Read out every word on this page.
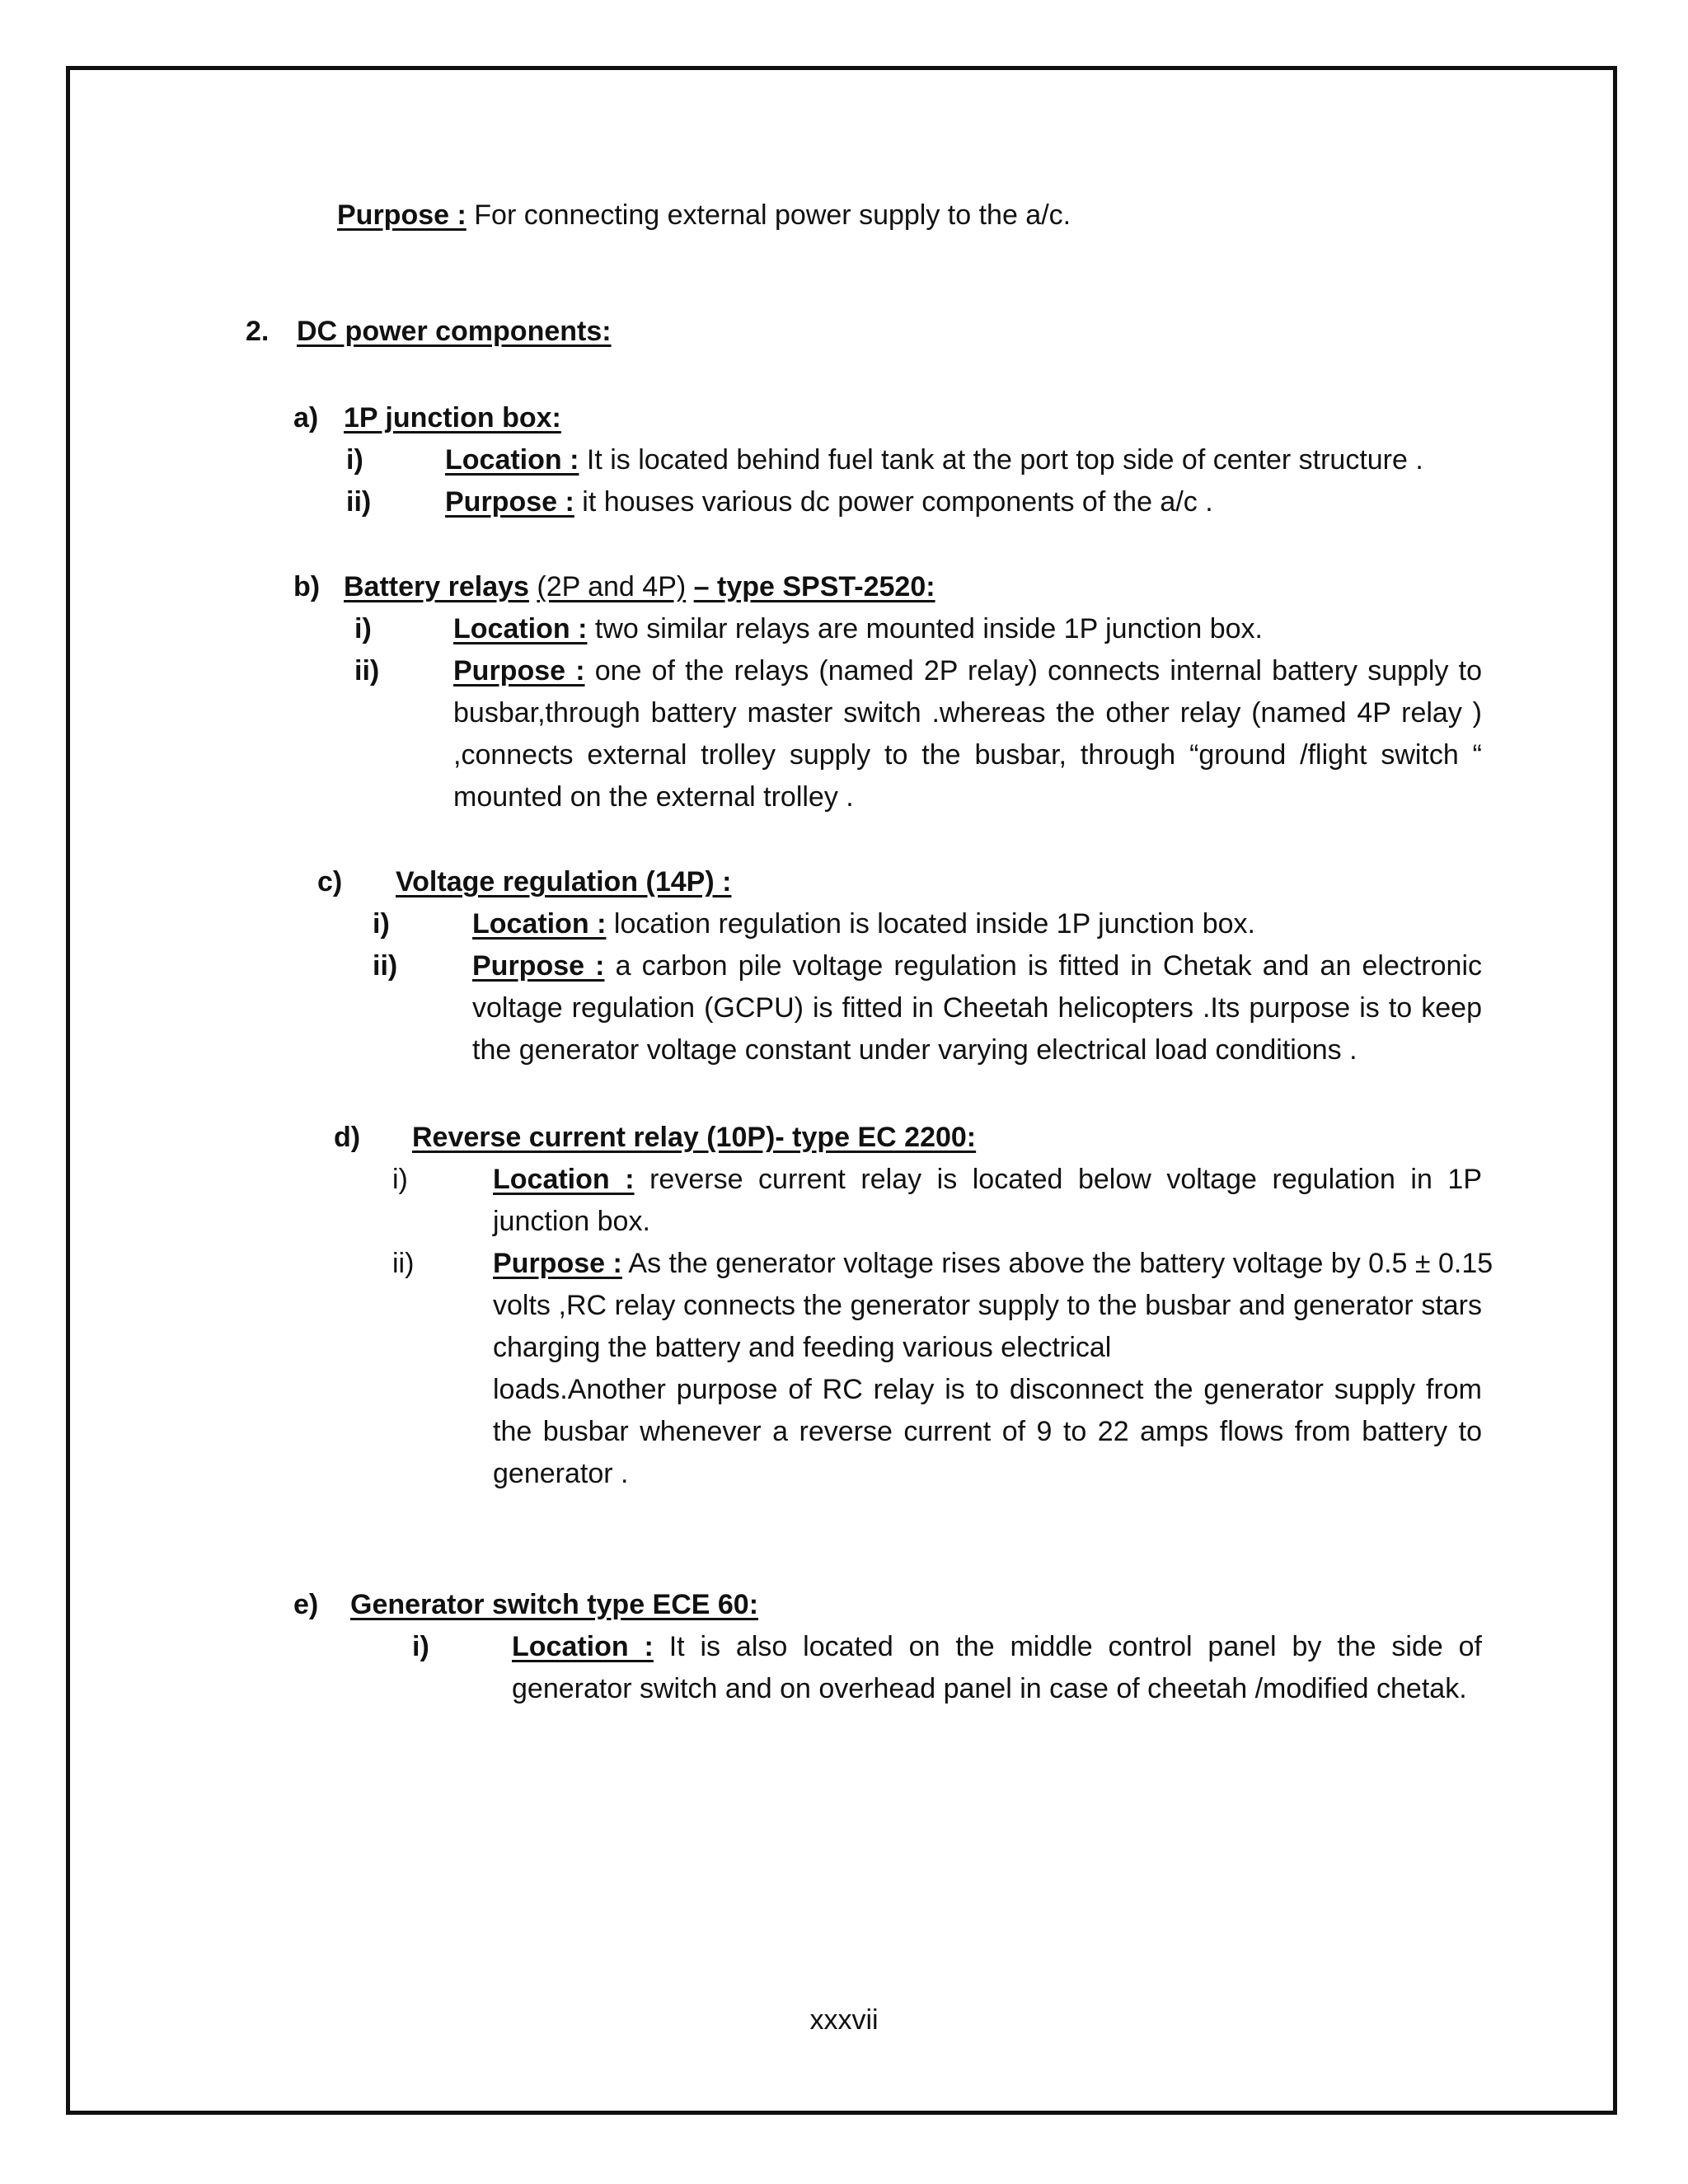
Purpose : For connecting external power supply to the a/c.
2. DC power components:
a) 1P junction box:
i)	Location : It is located behind fuel tank at the port top side of center structure .
ii)	Purpose : it houses various dc power components of the a/c .
b) Battery relays (2P and 4P) – type SPST-2520:
i)	Location : two similar relays are mounted inside 1P junction box.
ii)	Purpose : one of the relays (named 2P relay) connects internal battery supply to
busbar,through battery master switch .whereas the other relay (named 4P relay )
,connects external trolley supply to the busbar, through “ground /flight switch “
mounted on the external trolley .
c) Voltage regulation (14P) :
i)	Location : location regulation is located inside 1P junction box.
ii)	Purpose : a carbon pile voltage regulation is fitted in Chetak and an electronic
voltage regulation (GCPU) is fitted in Cheetah helicopters .Its purpose is to keep
the generator voltage constant under varying electrical load conditions .
d) Reverse current relay (10P)- type EC 2200:
i)	Location : reverse current relay is located below voltage regulation in 1P
junction box.
ii)	Purpose : As the generator voltage rises above the battery voltage by 0.5 ± 0.15
volts ,RC relay connects the generator supply to the busbar and generator stars
charging the battery and feeding various electrical
loads.Another purpose of RC relay is to disconnect the generator supply from
the busbar whenever a reverse current of 9 to 22 amps flows from battery to
generator .
e) Generator switch type ECE 60:
i)	Location : It is also located on the middle control panel by the side of
generator switch and on overhead panel in case of cheetah /modified chetak.
xxxvii
